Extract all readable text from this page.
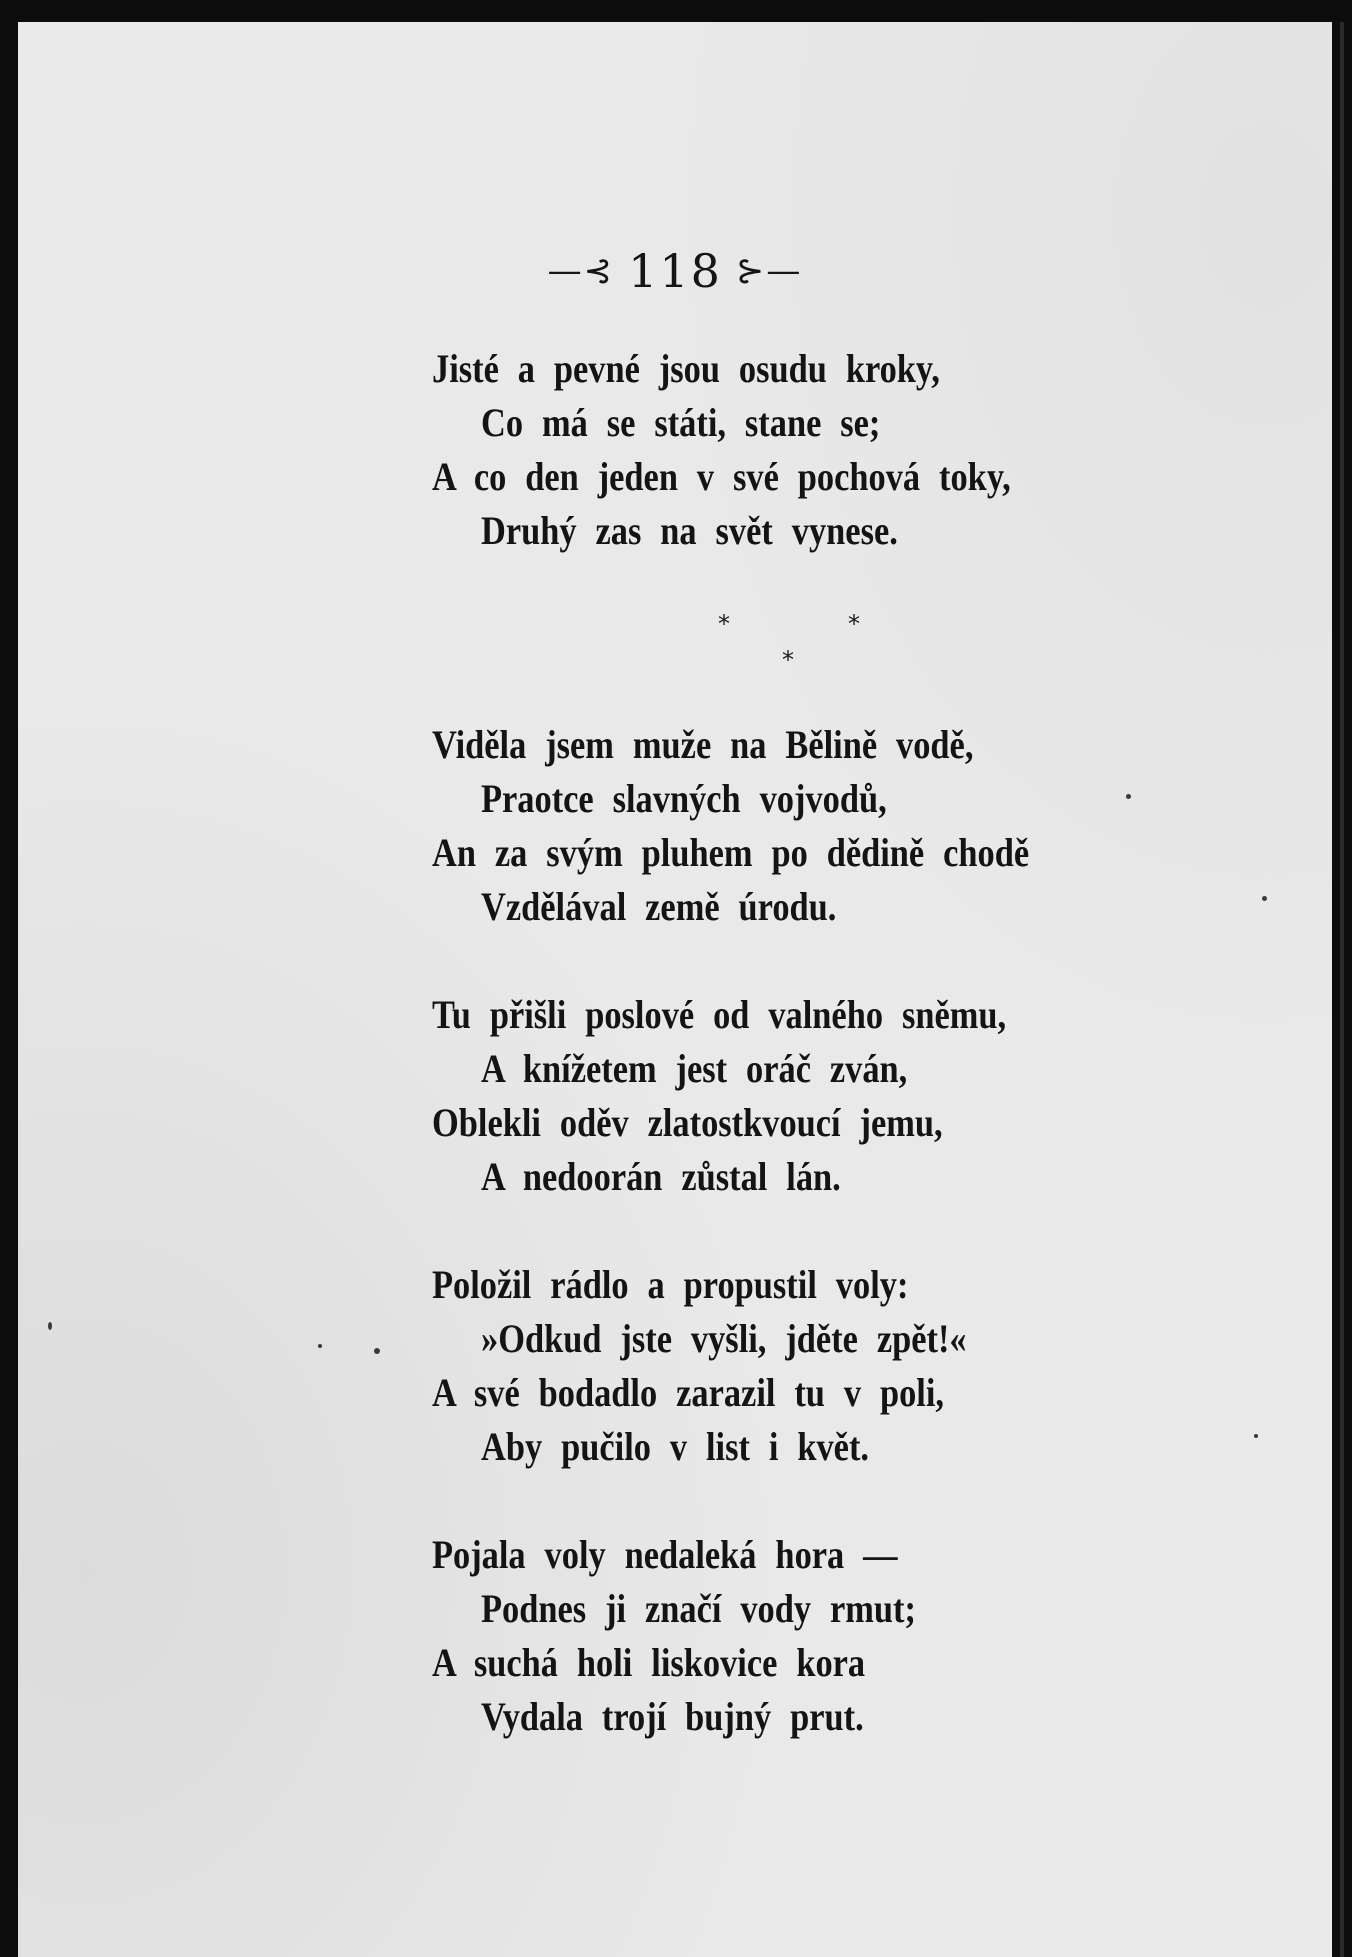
—⊰ 118 ⊱—
*	*
*
Jisté a pevné jsou osudu kroky,
Co má se státi, stane se;
A co den jeden v své pochová toky,
Druhý zas na svět vynese.
Viděla jsem muže na Bělině vodě,
Praotce slavných vojvodů,
An za svým pluhem po dědině chodě
Vzdělával země úrodu.
Tu přišli poslové od valného sněmu,
A knížetem jest oráč zván,
Oblekli oděv zlatostkvoucí jemu,
A nedoorán zůstal lán.
Položil rádlo a propustil voly:
»Odkud jste vyšli, jděte zpět!«
A své bodadlo zarazil tu v poli,
Aby pučilo v list i květ.
Pojala voly nedaleká hora —
Podnes ji značí vody rmut;
A suchá holi liskovice kora
Vydala trojí bujný prut.
